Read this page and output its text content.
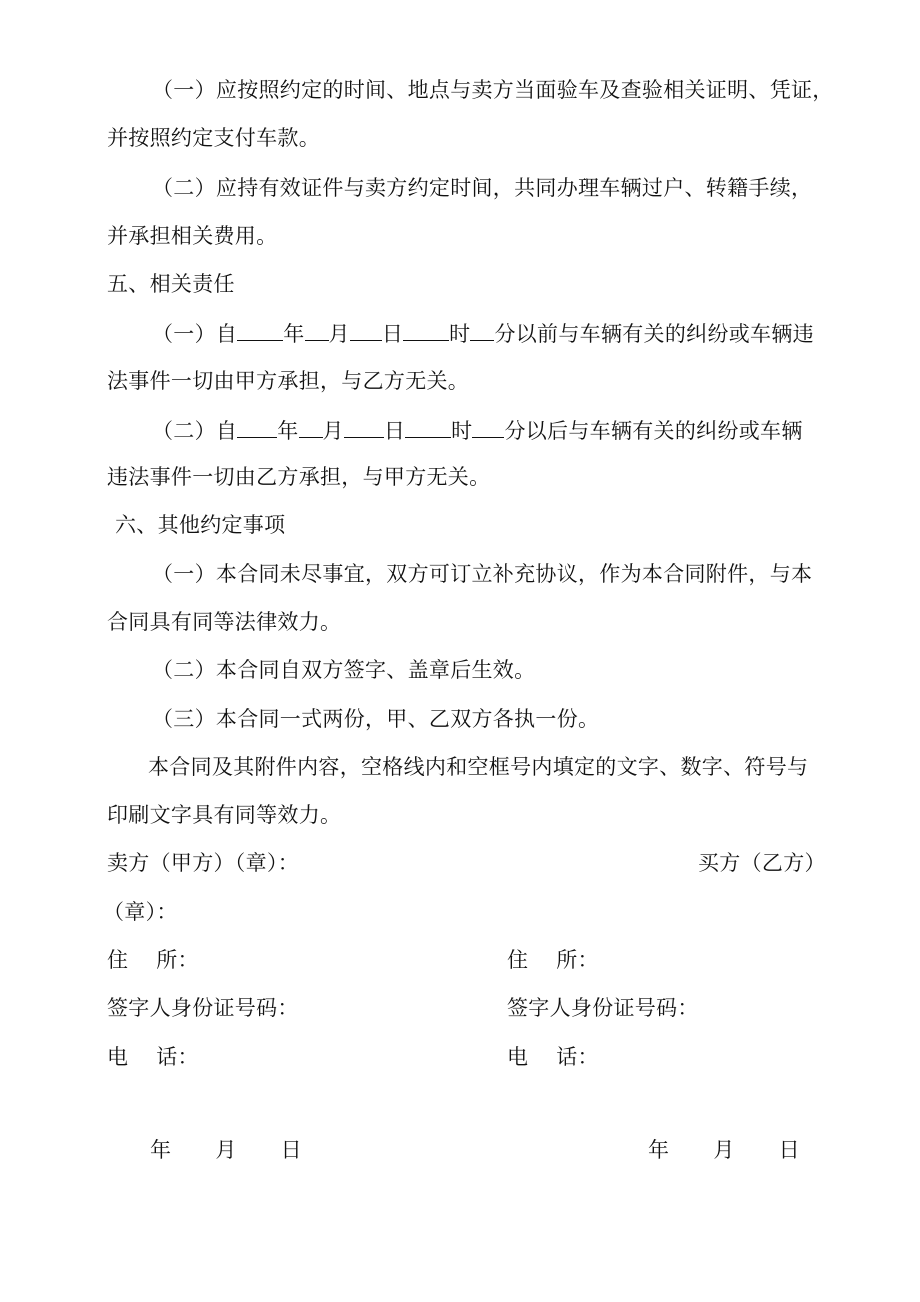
（一）应按照约定的时间、地点与卖方当面验车及查验相关证明、凭证，
并按照约定支付车款。
（二）应持有效证件与卖方约定时间，共同办理车辆过户、转籍手续，
并承担相关费用。
五、相关责任
（一）自 年 月 日 时 分以前与车辆有关的纠纷或车辆违
法事件一切由甲方承担，与乙方无关。
（二）自 年 月 日 时 分以后与车辆有关的纠纷或车辆
违法事件一切由乙方承担，与甲方无关。
六、其他约定事项
（一）本合同未尽事宜，双方可订立补充协议，作为本合同附件，与本
合同具有同等法律效力。
（二）本合同自双方签字、盖章后生效。
（三）本合同一式两份，甲、乙双方各执一份。
本合同及其附件内容，空格线内和空框号内填定的文字、数字、符号与
印刷文字具有同等效力。
卖方（甲方）（章）：	买方（乙方）
（章）：
住    所：	住    所：
签字人身份证号码：	签字人身份证号码：
电    话：	电    话：
年 月 日	年 月 日
